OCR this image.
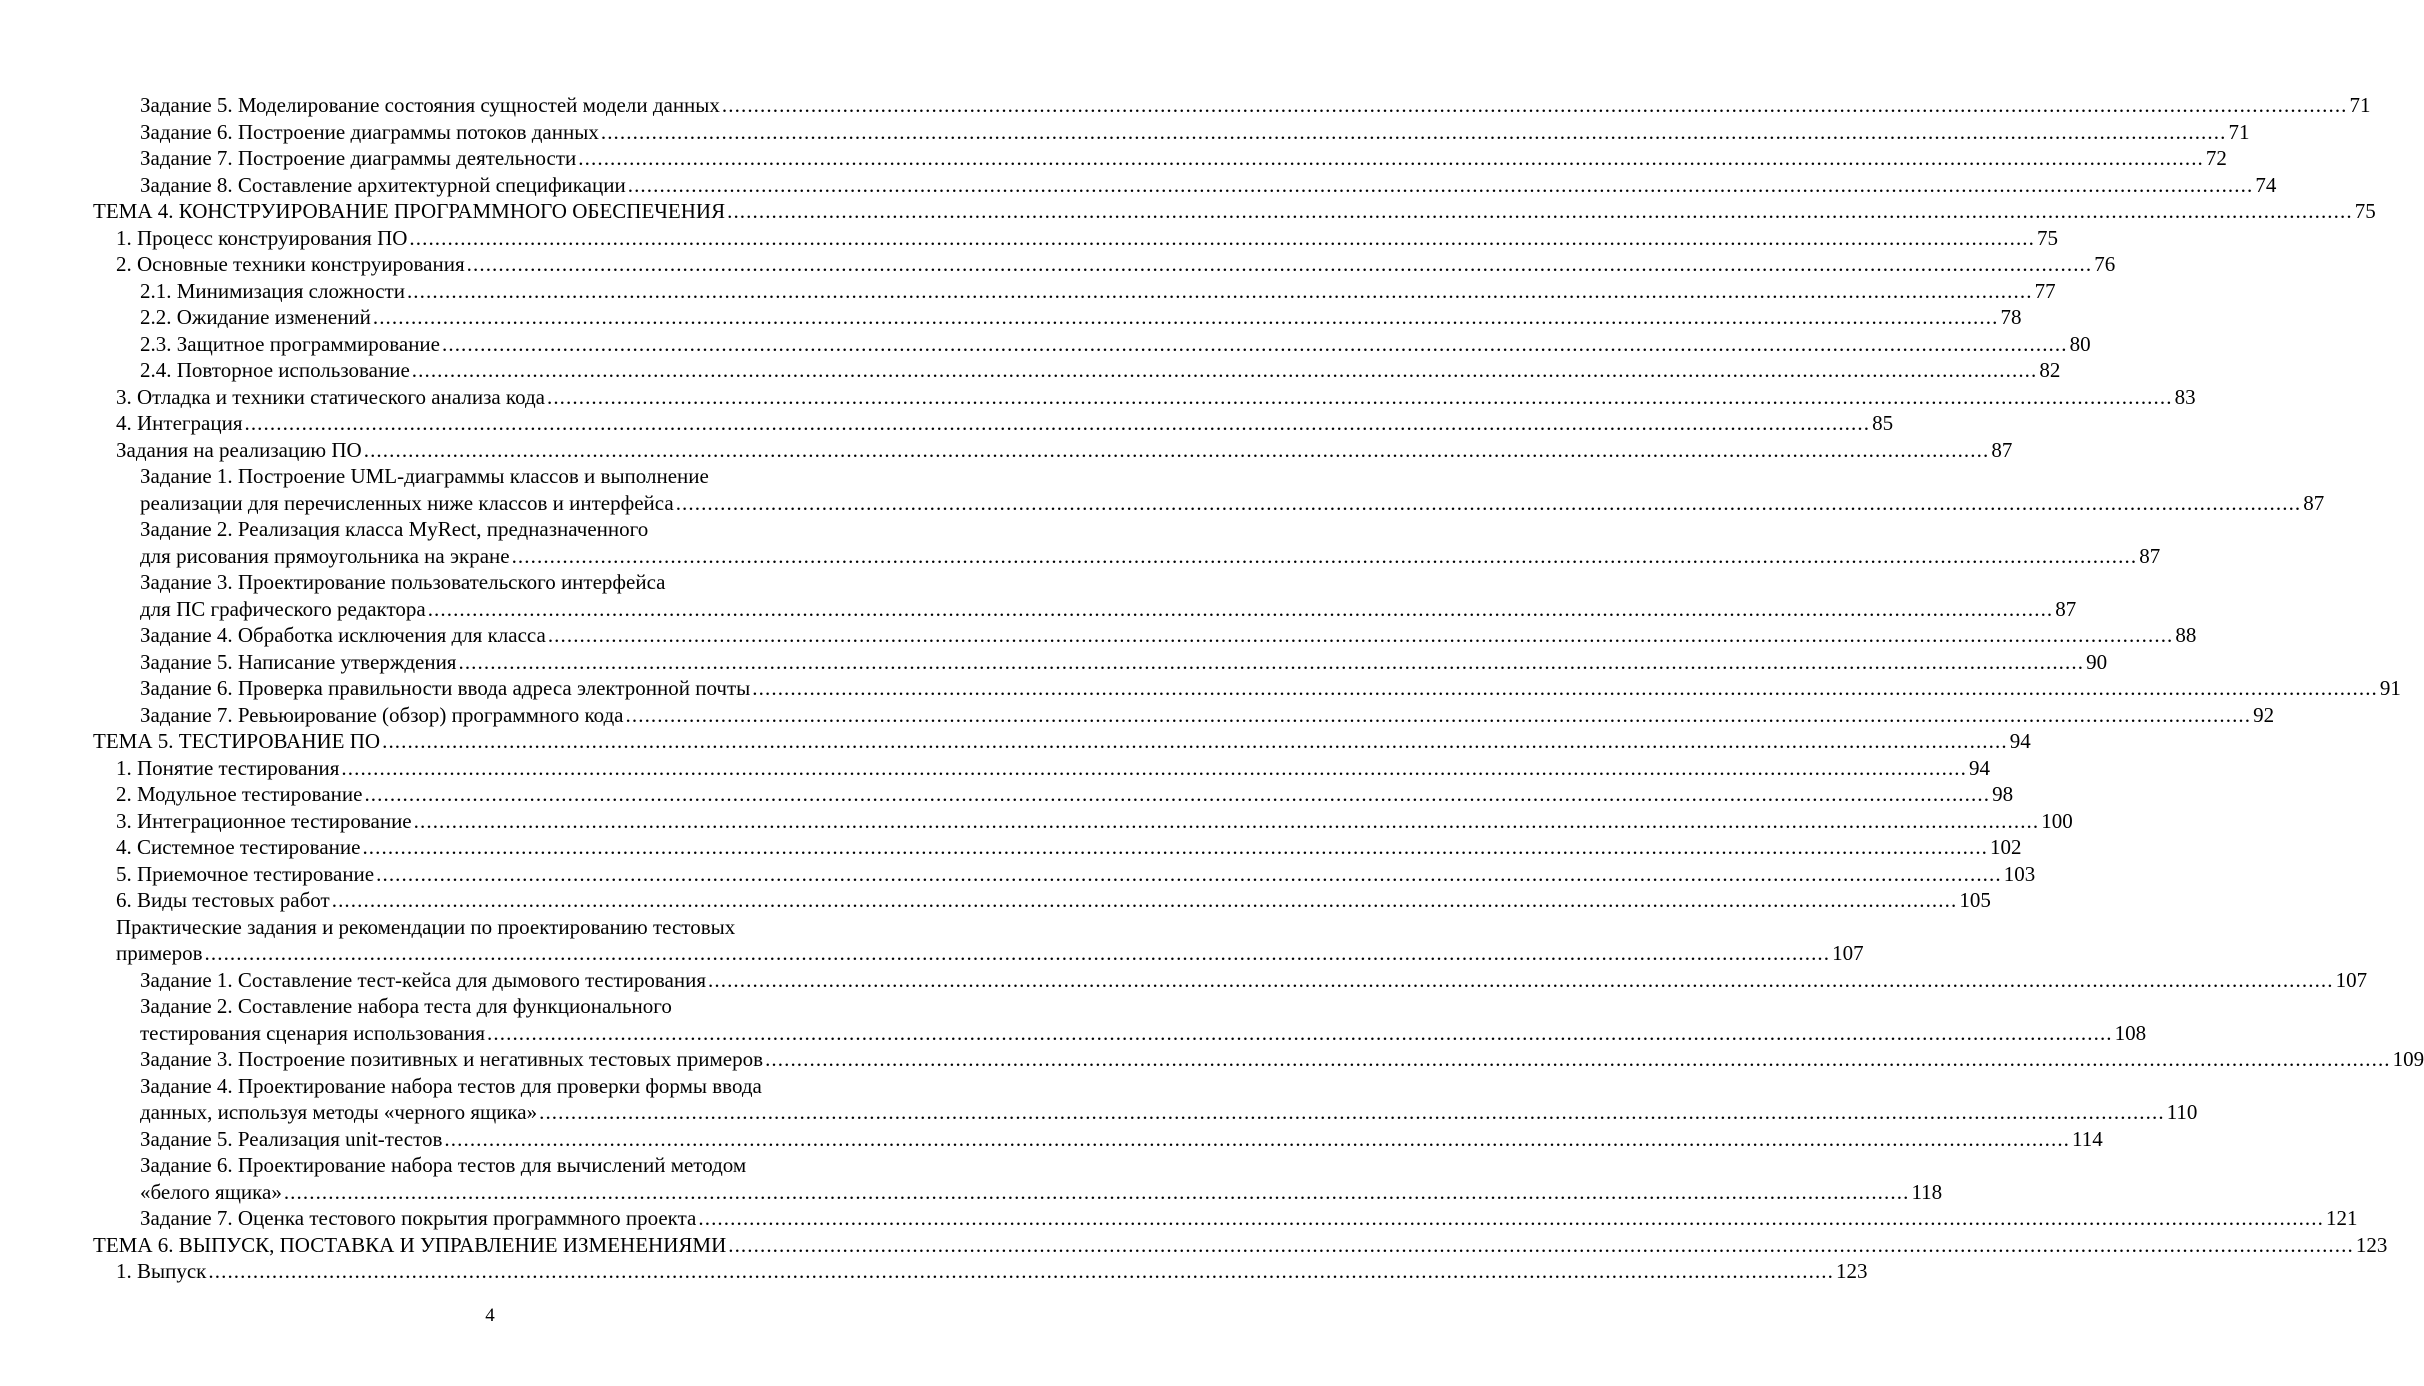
Задание 5. Моделирование состояния сущностей модели данных .....	71
Задание 6. Построение диаграммы потоков данных .....	71
Задание 7. Построение диаграммы деятельности .....	72
Задание 8. Составление архитектурной спецификации .....	74
ТЕМА 4. КОНСТРУИРОВАНИЕ ПРОГРАММНОГО ОБЕСПЕЧЕНИЯ .....	75
1. Процесс конструирования ПО .....	75
2. Основные техники конструирования .....	76
2.1. Минимизация сложности .....	77
2.2. Ожидание изменений .....	78
2.3. Защитное программирование .....	80
2.4. Повторное использование .....	82
3. Отладка и техники статического анализа кода .....	83
4. Интеграция .....	85
Задания на реализацию ПО .....	87
Задание 1. Построение UML-диаграммы классов и выполнение
реализации для перечисленных ниже классов и интерфейса .....	87
Задание 2. Реализация класса MyRect, предназначенного
для рисования прямоугольника на экране .....	87
Задание 3. Проектирование пользовательского интерфейса
для ПС графического редактора .....	87
Задание 4. Обработка исключения для класса .....	88
Задание 5. Написание утверждения .....	90
Задание 6. Проверка правильности ввода адреса электронной почты .....	91
Задание 7. Ревьюирование (обзор) программного кода .....	92
ТЕМА 5. ТЕСТИРОВАНИЕ ПО .....	94
1. Понятие тестирования .....	94
2. Модульное тестирование .....	98
3. Интеграционное тестирование .....	100
4. Системное тестирование .....	102
5. Приемочное тестирование .....	103
6. Виды тестовых работ .....	105
Практические задания и рекомендации по проектированию тестовых
примеров .....	107
Задание 1. Составление тест-кейса для дымового тестирования .....	107
Задание 2. Составление набора теста для функционального
тестирования сценария использования .....	108
Задание 3. Построение позитивных и негативных тестовых примеров .....	109
Задание 4. Проектирование набора тестов для проверки формы ввода
данных, используя методы «черного ящика» .....	110
Задание 5. Реализация unit-тестов .....	114
Задание 6. Проектирование набора тестов для вычислений методом
«белого ящика» .....	118
Задание 7. Оценка тестового покрытия программного проекта .....	121
ТЕМА 6. ВЫПУСК, ПОСТАВКА И УПРАВЛЕНИЕ ИЗМЕНЕНИЯМИ .....	123
1. Выпуск .....	123
4
